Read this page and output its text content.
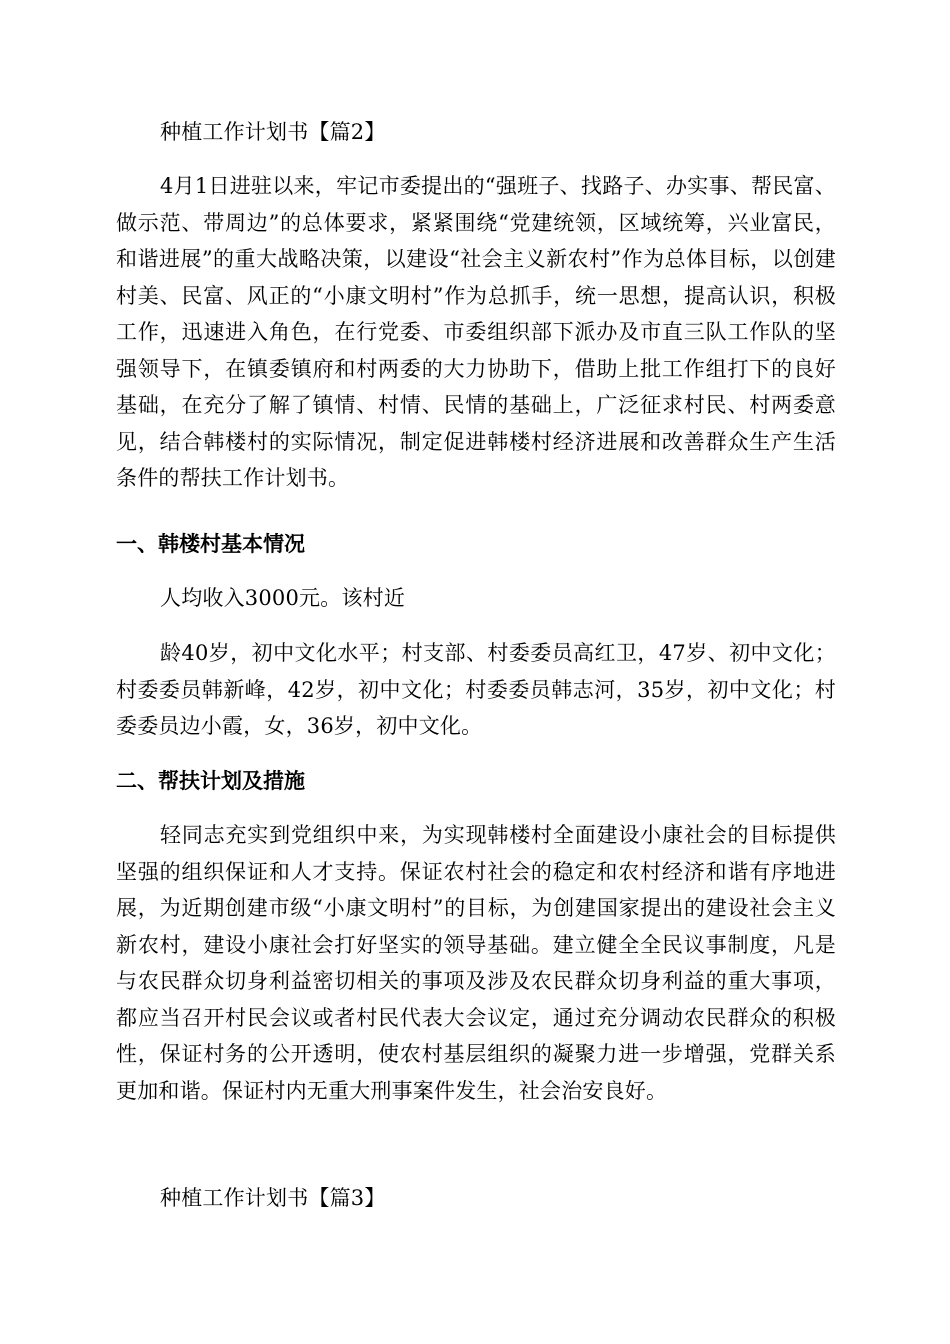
种植工作计划书【篇2】

4月1日进驻以来，牢记市委提出的“强班子、找路子、办实事、帮民富、做示范、带周边”的总体要求，紧紧围绕“党建统领，区域统筹，兴业富民，和谐进展”的重大战略决策，以建设“社会主义新农村”作为总体目标，以创建村美、民富、风正的“小康文明村”作为总抓手，统一思想，提高认识，积极工作，迅速进入角色，在行党委、市委组织部下派办及市直三队工作队的坚强领导下，在镇委镇府和村两委的大力协助下，借助上批工作组打下的良好基础，在充分了解了镇情、村情、民情的基础上，广泛征求村民、村两委意见，结合韩楼村的实际情况，制定促进韩楼村经济进展和改善群众生产生活条件的帮扶工作计划书。

一、韩楼村基本情况

人均收入3000元。该村近

龄40岁，初中文化水平；村支部、村委委员高红卫，47岁、初中文化；村委委员韩新峰，42岁，初中文化；村委委员韩志河，35岁，初中文化；村委委员边小霞，女，36岁，初中文化。

二、帮扶计划及措施

轻同志充实到党组织中来，为实现韩楼村全面建设小康社会的目标提供坚强的组织保证和人才支持。保证农村社会的稳定和农村经济和谐有序地进展，为近期创建市级“小康文明村”的目标，为创建国家提出的建设社会主义新农村，建设小康社会打好坚实的领导基础。建立健全全民议事制度，凡是与农民群众切身利益密切相关的事项及涉及农民群众切身利益的重大事项，都应当召开村民会议或者村民代表大会议定，通过充分调动农民群众的积极性，保证村务的公开透明，使农村基层组织的凝聚力进一步增强，党群关系更加和谐。保证村内无重大刑事案件发生，社会治安良好。

种植工作计划书【篇3】
